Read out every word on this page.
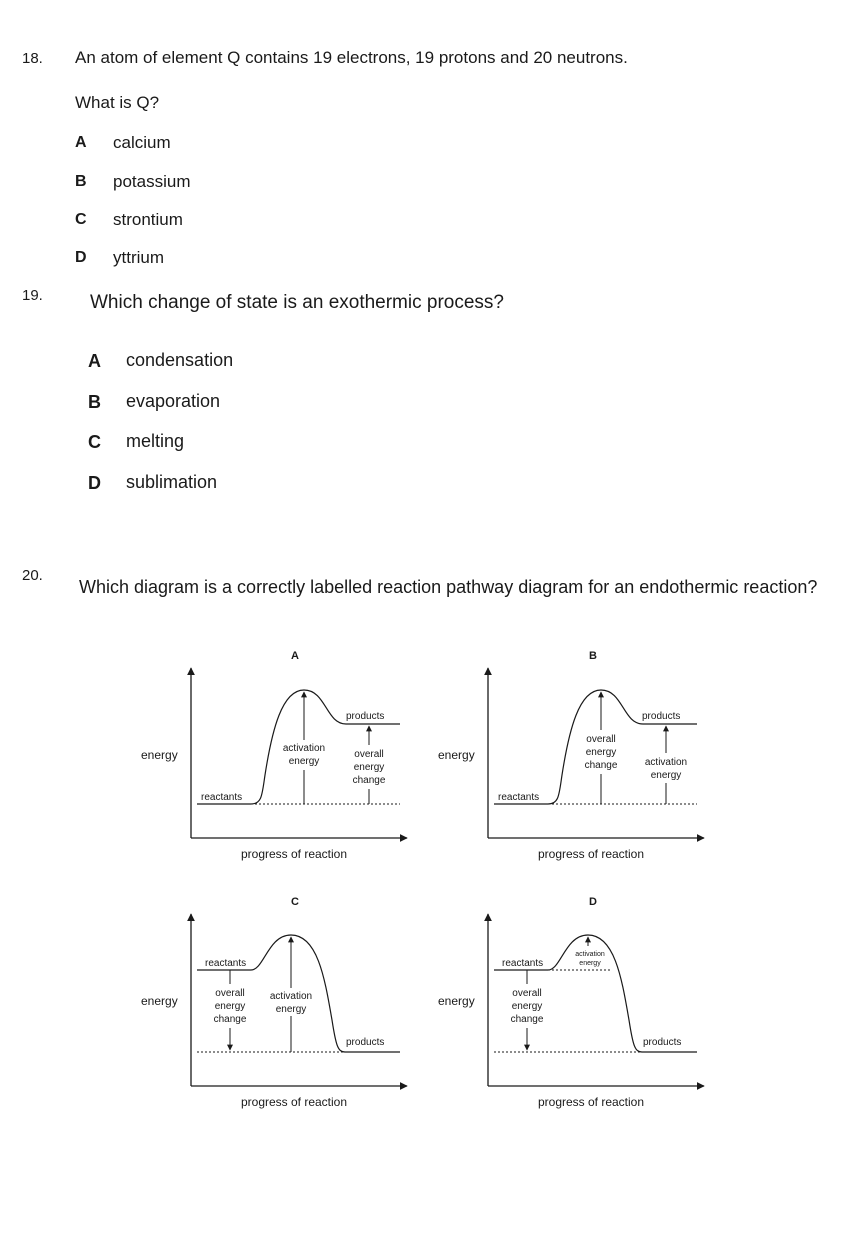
18. An atom of element Q contains 19 electrons, 19 protons and 20 neutrons.
What is Q?
A calcium
B potassium
C strontium
D yttrium
19. Which change of state is an exothermic process?
A condensation
B evaporation
C melting
D sublimation
20.
Which diagram is a correctly labelled reaction pathway diagram for an endothermic reaction?
A
energy
progress of reaction
reactants
products
activation
energy
overall
energy
change
B
energy
progress of reaction
reactants
products
overall
energy
change	activation
energy
C
energy
progress of reaction
reactants
products
activation
energy
overall
energy
change
D
energy
progress of reaction
reactants
products
activation
energy
overall
energy
change
